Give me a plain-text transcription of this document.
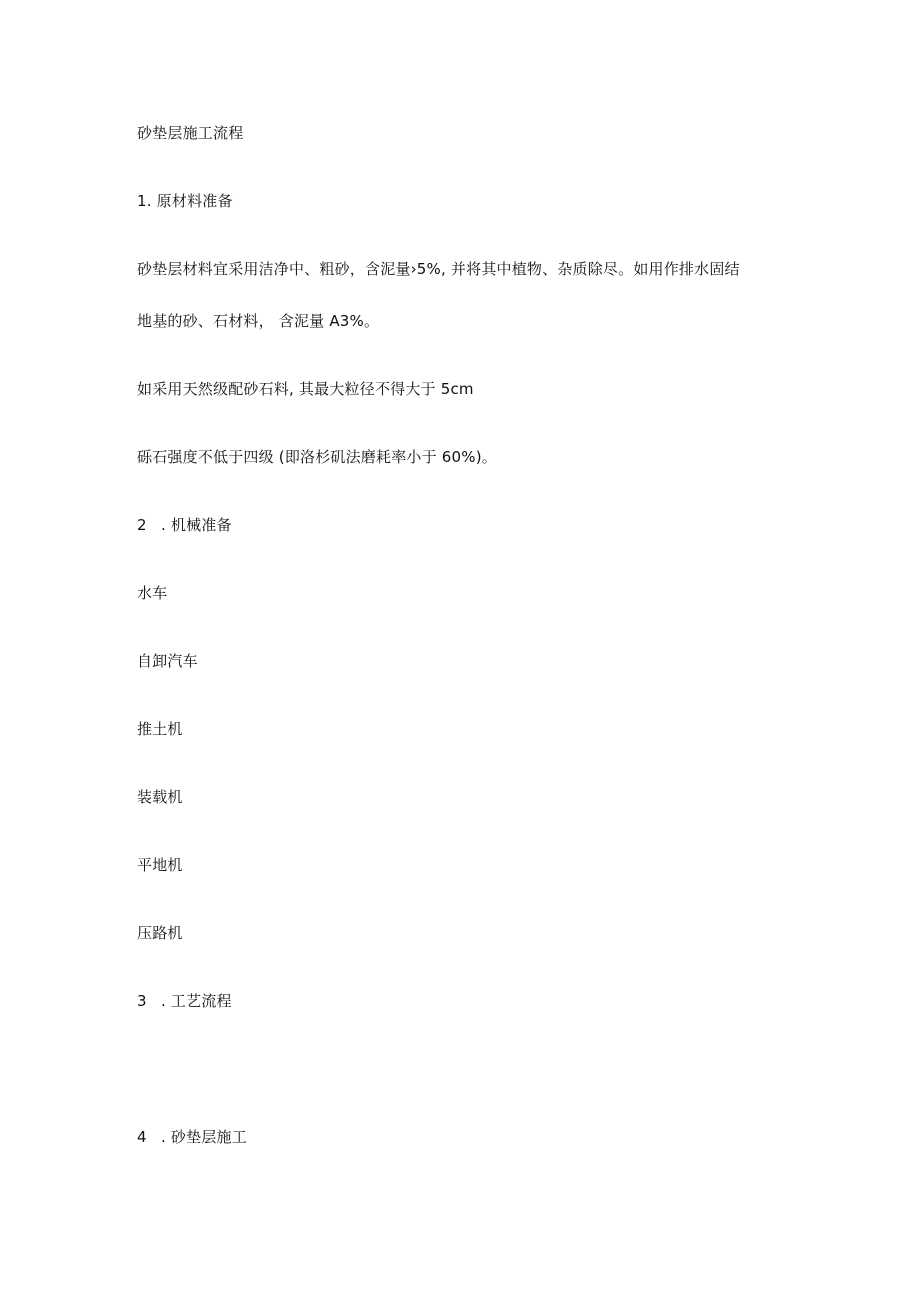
砂垫层施工流程
1. 原材料准备
砂垫层材料宜采用洁净中、粗砂，含泥量›5%, 并将其中植物、杂质除尽。如用作排水固结
地基的砂、石材料， 含泥量 A3%。
如采用天然级配砂石料, 其最大粒径不得大于 5cm
砾石强度不低于四级 (即洛杉矶法磨耗率小于 60%)。
2 . 机械准备
水车
自卸汽车
推土机
装载机
平地机
压路机
3 . 工艺流程
4 . 砂垫层施工
